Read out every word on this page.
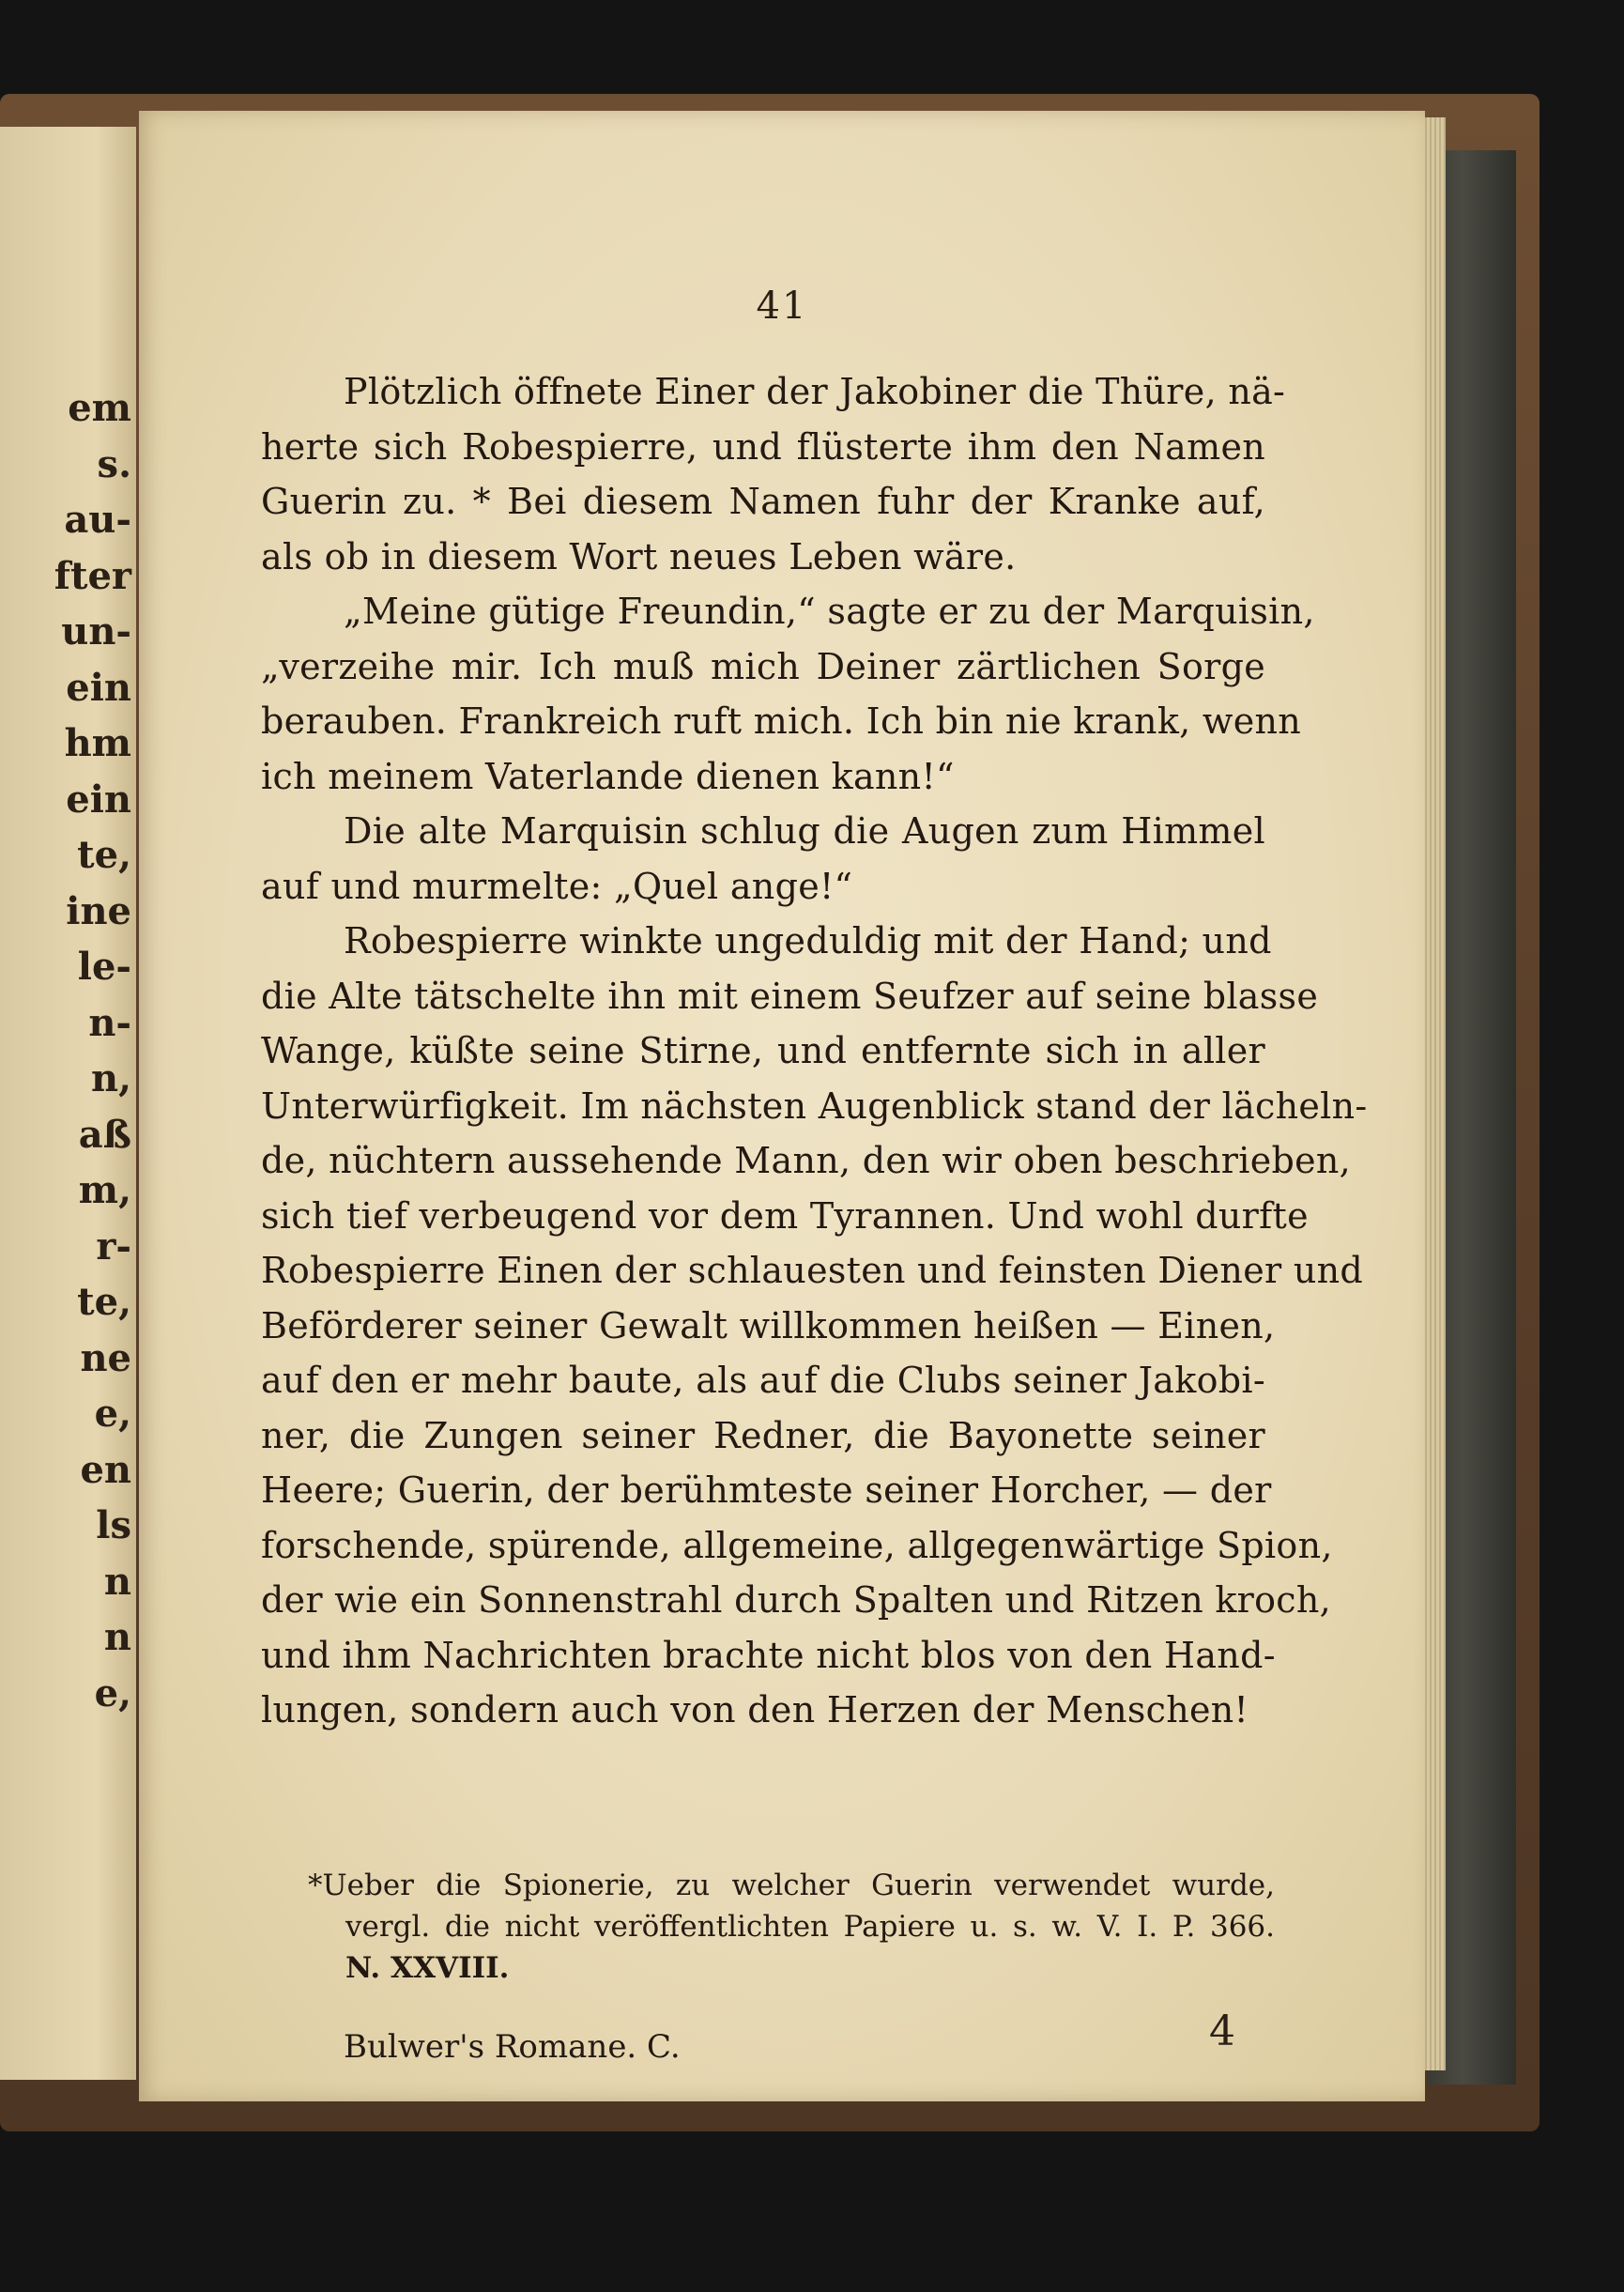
em
s.
au-
fter
un-
ein
hm
ein
te,
ine
le-
n-
n,
aß
m,
r-
te,
ne
e,
en
ls
n
n
e,
41
Plötzlich öffnete Einer der Jakobiner die Thüre, nä-
herte sich Robespierre, und flüsterte ihm den Namen
Guerin zu. * Bei diesem Namen fuhr der Kranke auf,
als ob in diesem Wort neues Leben wäre.
„Meine gütige Freundin,“ sagte er zu der Marquisin,
„verzeihe mir. Ich muß mich Deiner zärtlichen Sorge
berauben. Frankreich ruft mich. Ich bin nie krank, wenn
ich meinem Vaterlande dienen kann!“
Die alte Marquisin schlug die Augen zum Himmel
auf und murmelte: „Quel ange!“
Robespierre winkte ungeduldig mit der Hand; und
die Alte tätschelte ihn mit einem Seufzer auf seine blasse
Wange, küßte seine Stirne, und entfernte sich in aller
Unterwürfigkeit. Im nächsten Augenblick stand der lächeln-
de, nüchtern aussehende Mann, den wir oben beschrieben,
sich tief verbeugend vor dem Tyrannen. Und wohl durfte
Robespierre Einen der schlauesten und feinsten Diener und
Beförderer seiner Gewalt willkommen heißen — Einen,
auf den er mehr baute, als auf die Clubs seiner Jakobi-
ner, die Zungen seiner Redner, die Bayonette seiner
Heere; Guerin, der berühmteste seiner Horcher, — der
forschende, spürende, allgemeine, allgegenwärtige Spion,
der wie ein Sonnenstrahl durch Spalten und Ritzen kroch,
und ihm Nachrichten brachte nicht blos von den Hand-
lungen, sondern auch von den Herzen der Menschen!
*Ueber die Spionerie, zu welcher Guerin verwendet wurde,
vergl. die nicht veröffentlichten Papiere u. s. w. V. I. P. 366.
N. XXVIII.
Bulwer's Romane. C.	4
